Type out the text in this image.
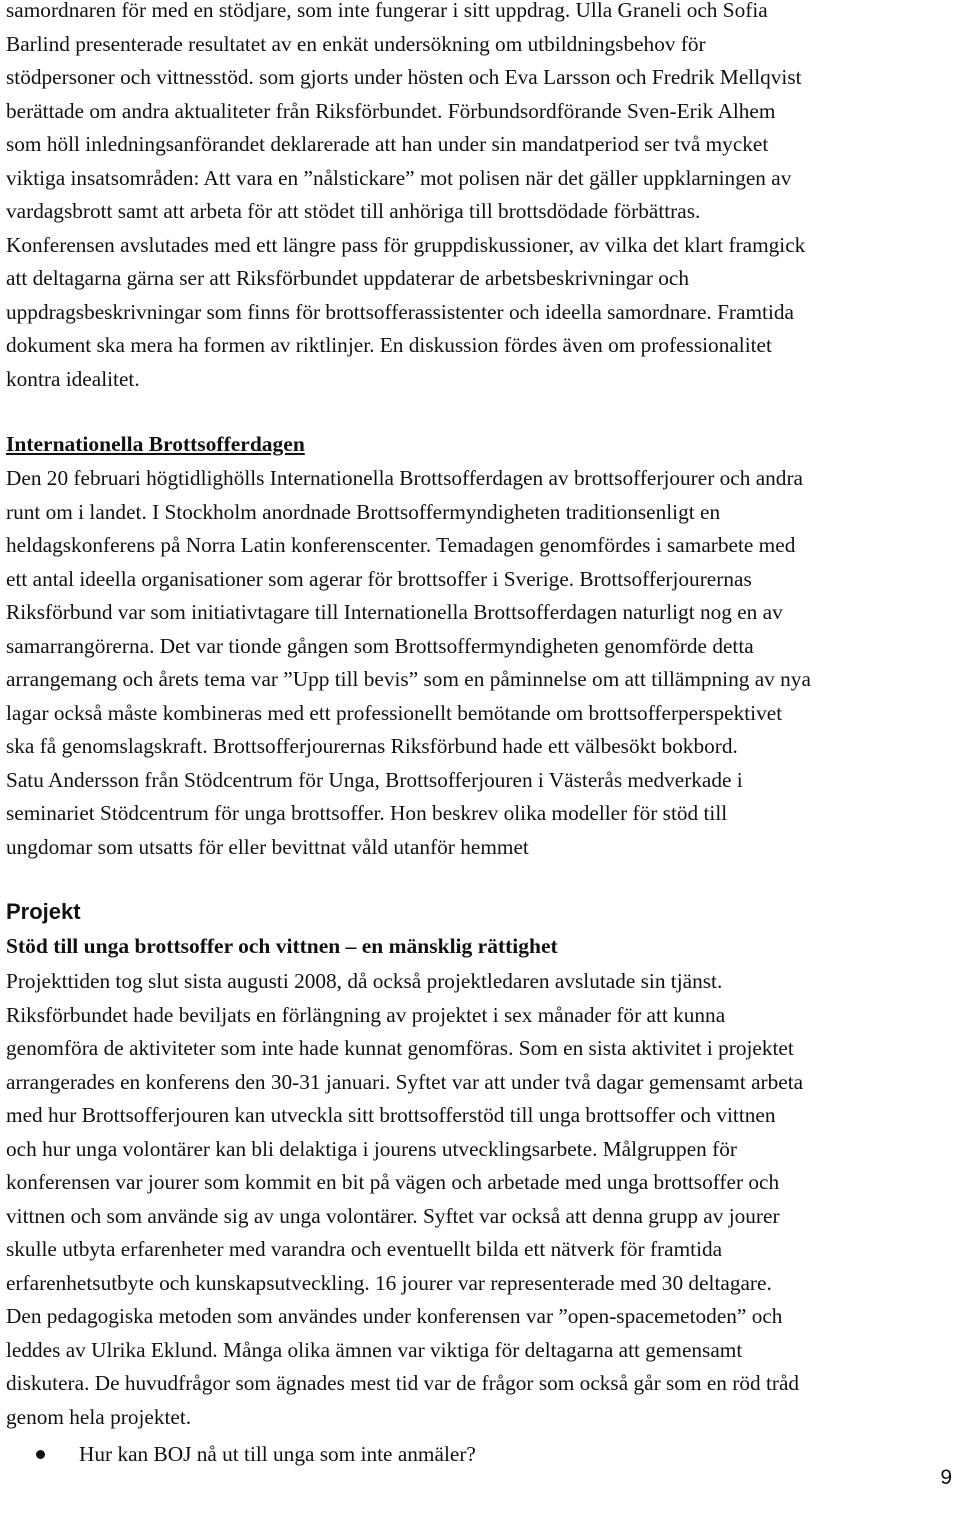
samordnaren för med en stödjare, som inte fungerar i sitt uppdrag. Ulla Graneli och Sofia
Barlind presenterade resultatet av en enkät undersökning om utbildningsbehov för
stödpersoner och vittnesstöd. som gjorts under hösten och Eva Larsson och Fredrik Mellqvist
berättade om andra aktualiteter från Riksförbundet. Förbundsordförande Sven-Erik Alhem
som höll inledningsanförandet deklarerade att han under sin mandatperiod ser två mycket
viktiga insatsområden: Att vara en ”nålstickare” mot polisen när det gäller uppklarningen av
vardagsbrott samt att arbeta för att stödet till anhöriga till brottsdödade förbättras.
Konferensen avslutades med ett längre pass för gruppdiskussioner, av vilka det klart framgick
att deltagarna gärna ser att Riksförbundet uppdaterar de arbetsbeskrivningar och
uppdragsbeskrivningar som finns för brottsofferassistenter och ideella samordnare. Framtida
dokument ska mera ha formen av riktlinjer. En diskussion fördes även om professionalitet
kontra idealitet.

Internationella Brottsofferdagen

Den 20 februari högtidlighölls Internationella Brottsofferdagen av brottsofferjourer och andra
runt om i landet. I Stockholm anordnade Brottsoffermyndigheten traditionsenligt en
heldagskonferens på Norra Latin konferenscenter. Temadagen genomfördes i samarbete med
ett antal ideella organisationer som agerar för brottsoffer i Sverige. Brottsofferjourernas
Riksförbund var som initiativtagare till Internationella Brottsofferdagen naturligt nog en av
samarrangörerna. Det var tionde gången som Brottsoffermyndigheten genomförde detta
arrangemang och årets tema var ”Upp till bevis” som en påminnelse om att tillämpning av nya
lagar också måste kombineras med ett professionellt bemötande om brottsofferperspektivet
ska få genomslagskraft. Brottsofferjourernas Riksförbund hade ett välbesökt bokbord.
Satu Andersson från Stödcentrum för Unga, Brottsofferjouren i Västerås medverkade i
seminariet Stödcentrum för unga brottsoffer. Hon beskrev olika modeller för stöd till
ungdomar som utsatts för eller bevittnat våld utanför hemmet

Projekt
Stöd till unga brottsoffer och vittnen – en mänsklig rättighet

Projekttiden tog slut sista augusti 2008, då också projektledaren avslutade sin tjänst.
Riksförbundet hade beviljats en förlängning av projektet i sex månader för att kunna
genomföra de aktiviteter som inte hade kunnat genomföras. Som en sista aktivitet i projektet
arrangerades en konferens den 30-31 januari. Syftet var att under två dagar gemensamt arbeta
med hur Brottsofferjouren kan utveckla sitt brottsofferstöd till unga brottsoffer och vittnen
och hur unga volontärer kan bli delaktiga i jourens utvecklingsarbete. Målgruppen för
konferensen var jourer som kommit en bit på vägen och arbetade med unga brottsoffer och
vittnen och som använde sig av unga volontärer. Syftet var också att denna grupp av jourer
skulle utbyta erfarenheter med varandra och eventuellt bilda ett nätverk för framtida
erfarenhetsutbyte och kunskapsutveckling. 16 jourer var representerade med 30 deltagare.
Den pedagogiska metoden som användes under konferensen var ”open-spacemetoden” och
leddes av Ulrika Eklund. Många olika ämnen var viktiga för deltagarna att gemensamt
diskutera. De huvudfrågor som ägnades mest tid var de frågor som också går som en röd tråd
genom hela projektet.

Hur kan BOJ nå ut till unga som inte anmäler?
9
